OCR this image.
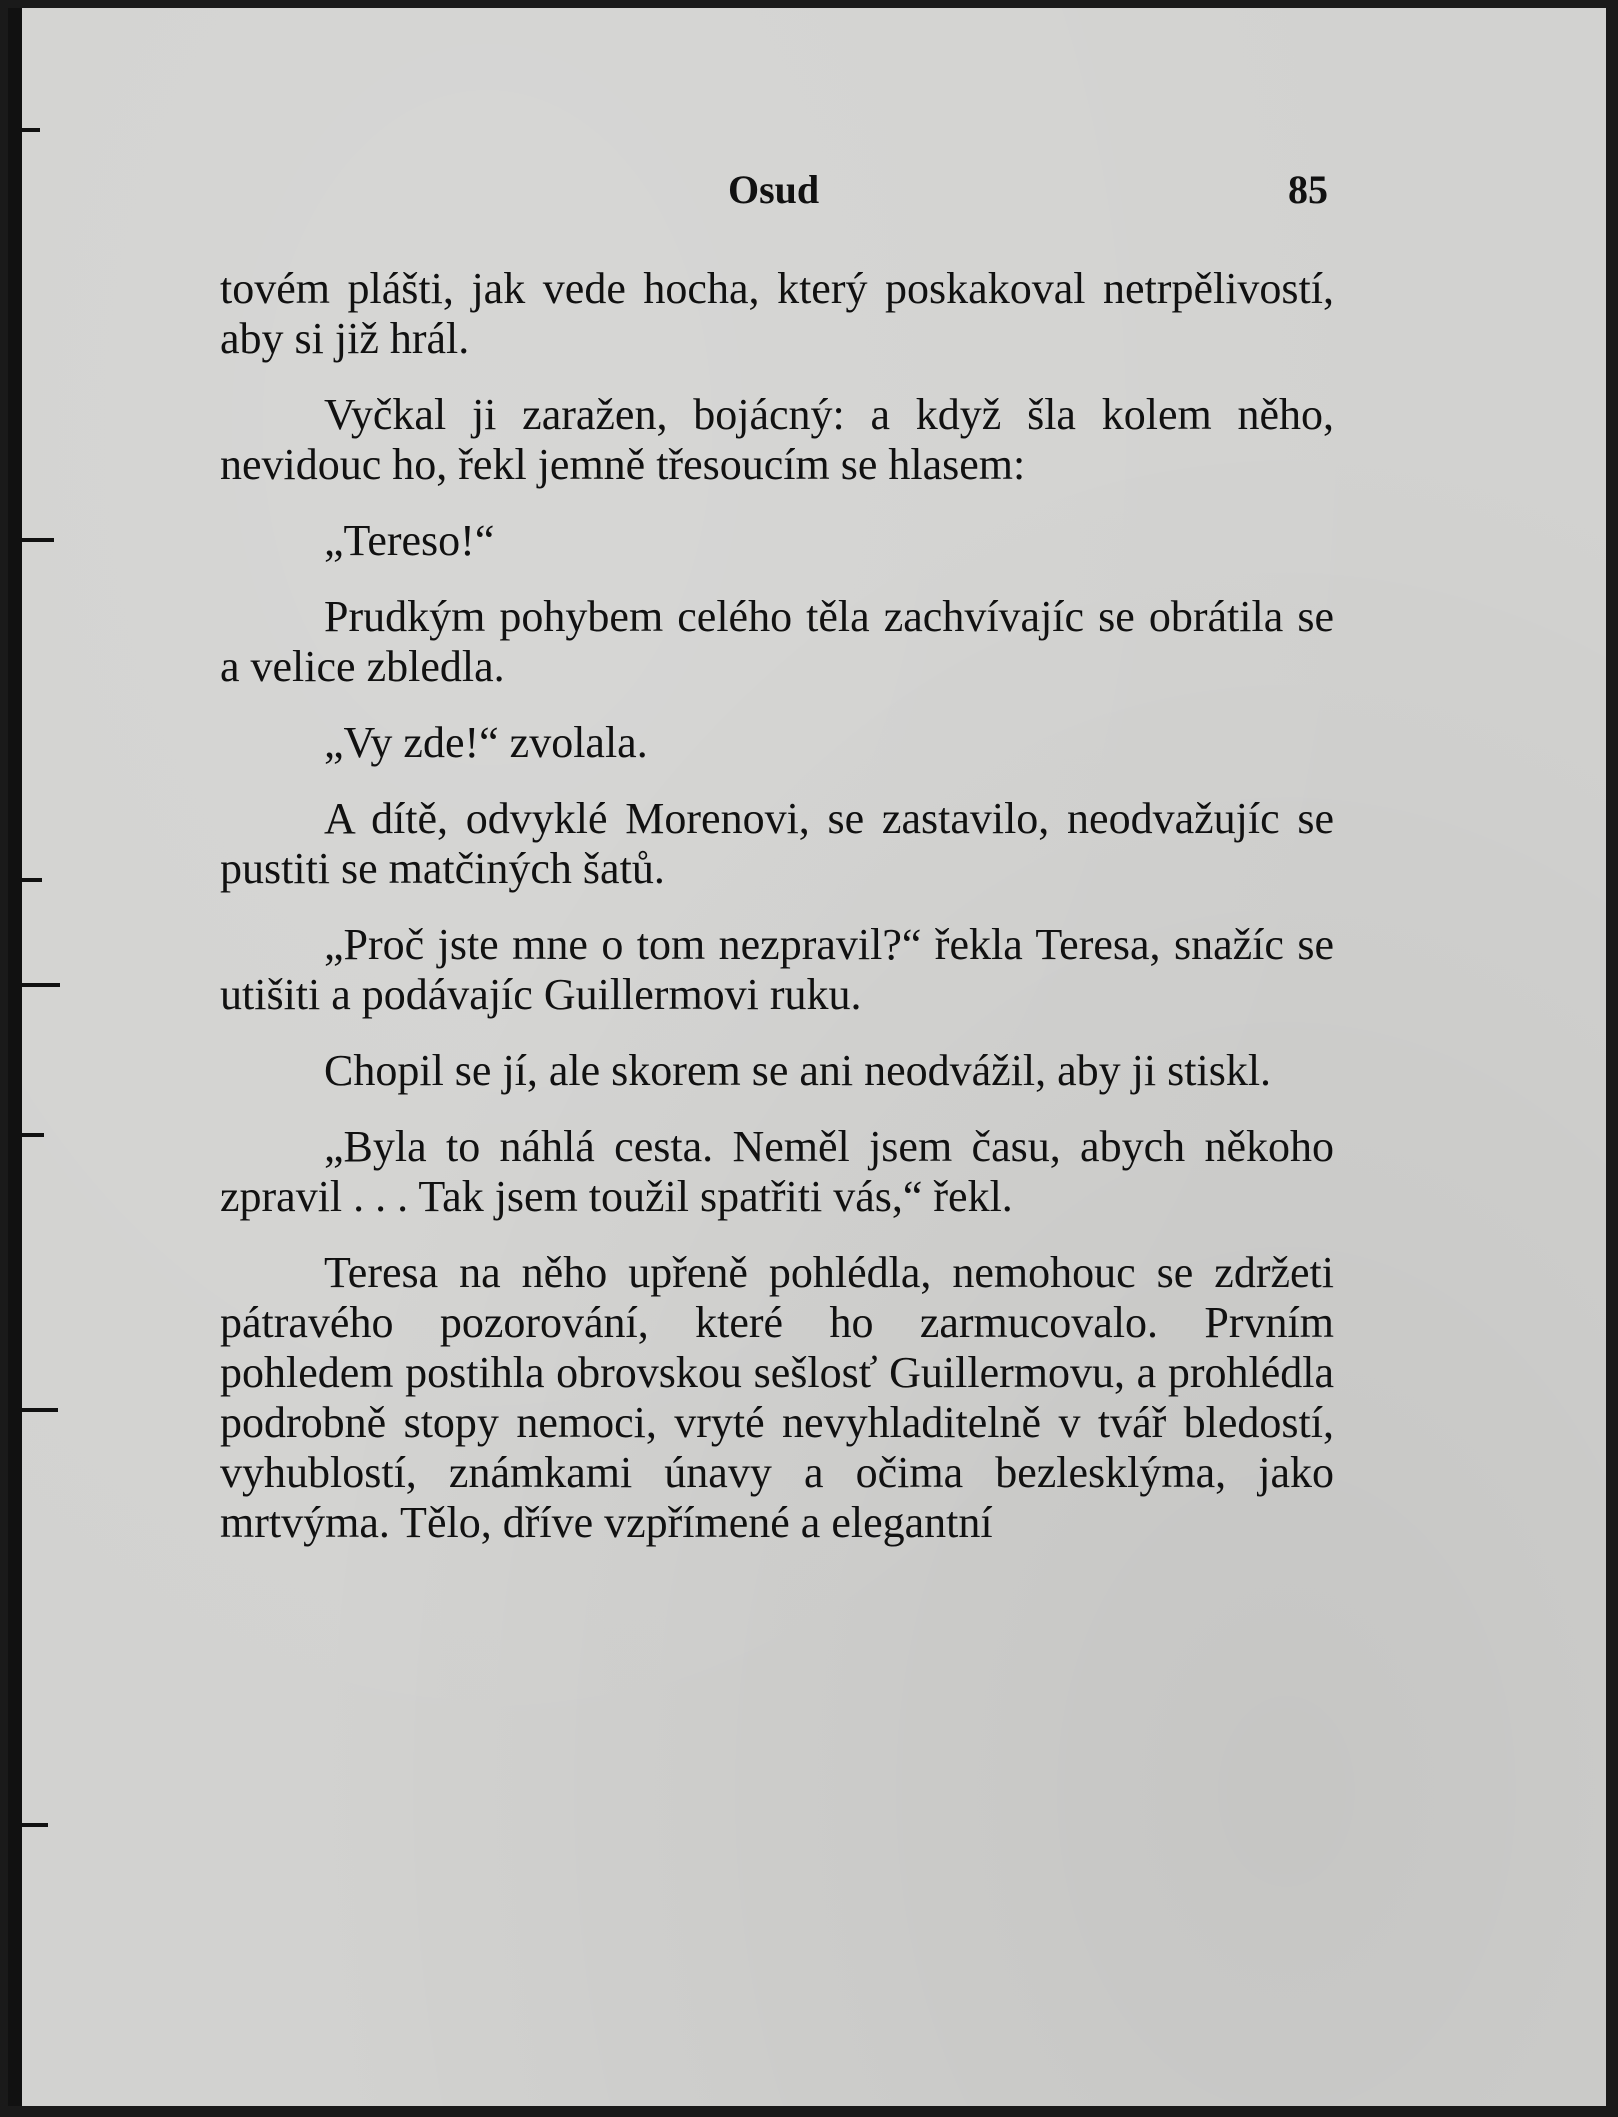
Osud	85

tovém plášti, jak vede hocha, který poskakoval netrpělivostí, aby si již hrál.

Vyčkal ji zaražen, bojácný: a když šla kolem něho, nevidouc ho, řekl jemně třesoucím se hlasem:

„Tereso!“

Prudkým pohybem celého těla zachvívajíc se obrátila se a velice zbledla.

„Vy zde!“ zvolala.

A dítě, odvyklé Morenovi, se zastavilo, neodvažujíc se pustiti se matčiných šatů.

„Proč jste mne o tom nezpravil?“ řekla Teresa, snažíc se utišiti a podávajíc Guillermovi ruku.

Chopil se jí, ale skorem se ani neodvážil, aby ji stiskl.

„Byla to náhlá cesta. Neměl jsem času, abych někoho zpravil . . . Tak jsem toužil spatřiti vás,“ řekl.

Teresa na něho upřeně pohlédla, nemohouc se zdržeti pátravého pozorování, které ho zarmucovalo. Prvním pohledem postihla obrovskou sešlosť Guillermovu, a prohlédla podrobně stopy nemoci, vryté nevyhladitelně v tvář bledostí, vyhublostí, známkami únavy a očima bezlesklýma, jako mrtvýma. Tělo, dříve vzpřímené a elegantní
